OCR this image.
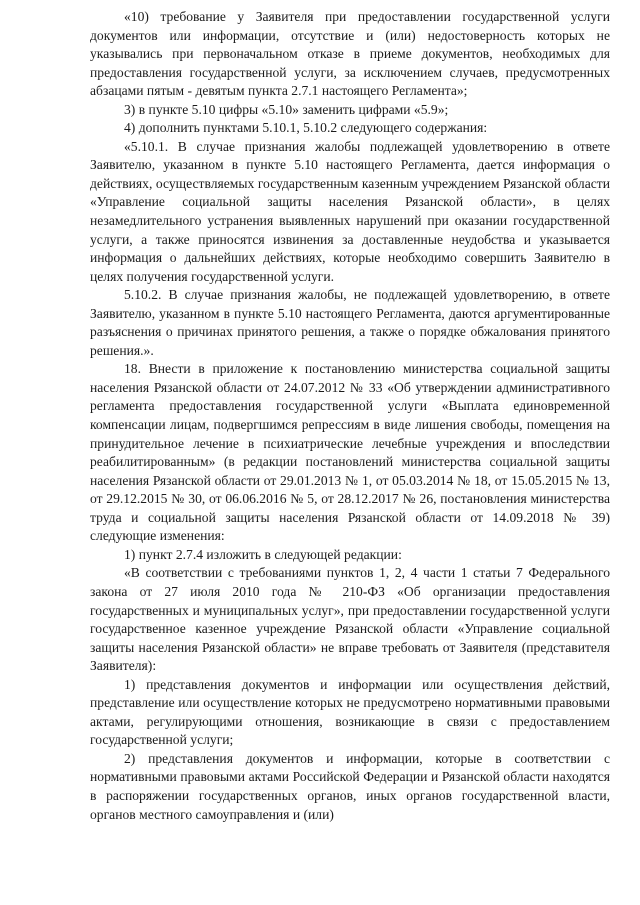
«10) требование у Заявителя при предоставлении государственной услуги документов или информации, отсутствие и (или) недостоверность которых не указывались при первоначальном отказе в приеме документов, необходимых для предоставления государственной услуги, за исключением случаев, предусмотренных абзацами пятым - девятым пункта 2.7.1 настоящего Регламента»;

3) в пункте 5.10 цифры «5.10» заменить цифрами «5.9»;

4) дополнить пунктами 5.10.1, 5.10.2 следующего содержания:

«5.10.1. В случае признания жалобы подлежащей удовлетворению в ответе Заявителю, указанном в пункте 5.10 настоящего Регламента, дается информация о действиях, осуществляемых государственным казенным учреждением Рязанской области «Управление социальной защиты населения Рязанской области», в целях незамедлительного устранения выявленных нарушений при оказании государственной услуги, а также приносятся извинения за доставленные неудобства и указывается информация о дальнейших действиях, которые необходимо совершить Заявителю в целях получения государственной услуги.

5.10.2. В случае признания жалобы, не подлежащей удовлетворению, в ответе Заявителю, указанном в пункте 5.10 настоящего Регламента, даются аргументированные разъяснения о причинах принятого решения, а также о порядке обжалования принятого решения.».

18. Внести в приложение к постановлению министерства социальной защиты населения Рязанской области от 24.07.2012 № 33 «Об утверждении административного регламента предоставления государственной услуги «Выплата единовременной компенсации лицам, подвергшимся репрессиям в виде лишения свободы, помещения на принудительное лечение в психиатрические лечебные учреждения и впоследствии реабилитированным» (в редакции постановлений министерства социальной защиты населения Рязанской области от 29.01.2013 № 1, от 05.03.2014 № 18, от 15.05.2015 № 13, от 29.12.2015 № 30, от 06.06.2016 № 5, от 28.12.2017 № 26, постановления министерства труда и социальной защиты населения Рязанской области от 14.09.2018 № 39) следующие изменения:

1) пункт 2.7.4 изложить в следующей редакции:

«В соответствии с требованиями пунктов 1, 2, 4 части 1 статьи 7 Федерального закона от 27 июля 2010 года № 210-ФЗ «Об организации предоставления государственных и муниципальных услуг», при предоставлении государственной услуги государственное казенное учреждение Рязанской области «Управление социальной защиты населения Рязанской области» не вправе требовать от Заявителя (представителя Заявителя):

1) представления документов и информации или осуществления действий, представление или осуществление которых не предусмотрено нормативными правовыми актами, регулирующими отношения, возникающие в связи с предоставлением государственной услуги;

2) представления документов и информации, которые в соответствии с нормативными правовыми актами Российской Федерации и Рязанской области находятся в распоряжении государственных органов, иных органов государственной власти, органов местного самоуправления и (или)
